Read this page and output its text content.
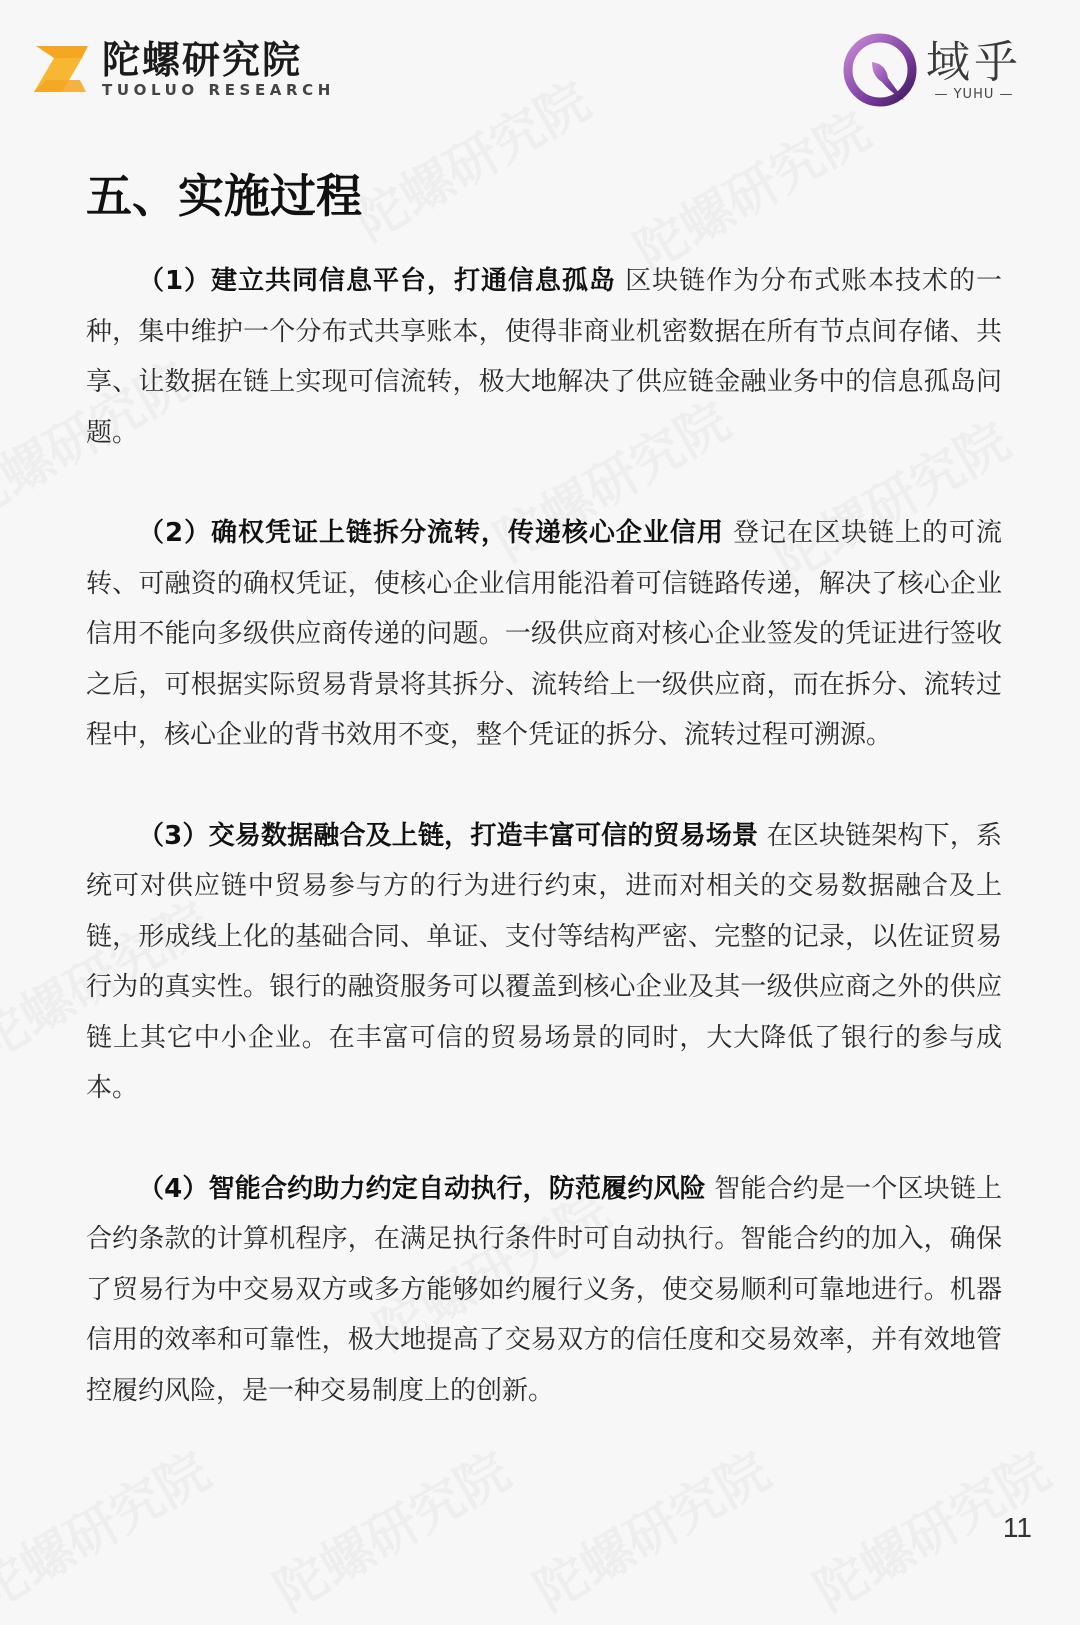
陀螺研究院
TUOLUO RESEARCH
域乎
— YUHU —
五、实施过程

（1）建立共同信息平台，打通信息孤岛 区块链作为分布式账本技术的一种，集中维护一个分布式共享账本，使得非商业机密数据在所有节点间存储、共享、让数据在链上实现可信流转，极大地解决了供应链金融业务中的信息孤岛问题。

（2）确权凭证上链拆分流转，传递核心企业信用 登记在区块链上的可流转、可融资的确权凭证，使核心企业信用能沿着可信链路传递，解决了核心企业信用不能向多级供应商传递的问题。一级供应商对核心企业签发的凭证进行签收之后，可根据实际贸易背景将其拆分、流转给上一级供应商，而在拆分、流转过程中，核心企业的背书效用不变，整个凭证的拆分、流转过程可溯源。

（3）交易数据融合及上链，打造丰富可信的贸易场景 在区块链架构下，系统可对供应链中贸易参与方的行为进行约束，进而对相关的交易数据融合及上链，形成线上化的基础合同、单证、支付等结构严密、完整的记录，以佐证贸易行为的真实性。银行的融资服务可以覆盖到核心企业及其一级供应商之外的供应链上其它中小企业。在丰富可信的贸易场景的同时，大大降低了银行的参与成本。

（4）智能合约助力约定自动执行，防范履约风险 智能合约是一个区块链上合约条款的计算机程序，在满足执行条件时可自动执行。智能合约的加入，确保了贸易行为中交易双方或多方能够如约履行义务，使交易顺利可靠地进行。机器信用的效率和可靠性，极大地提高了交易双方的信任度和交易效率，并有效地管控履约风险，是一种交易制度上的创新。

11
